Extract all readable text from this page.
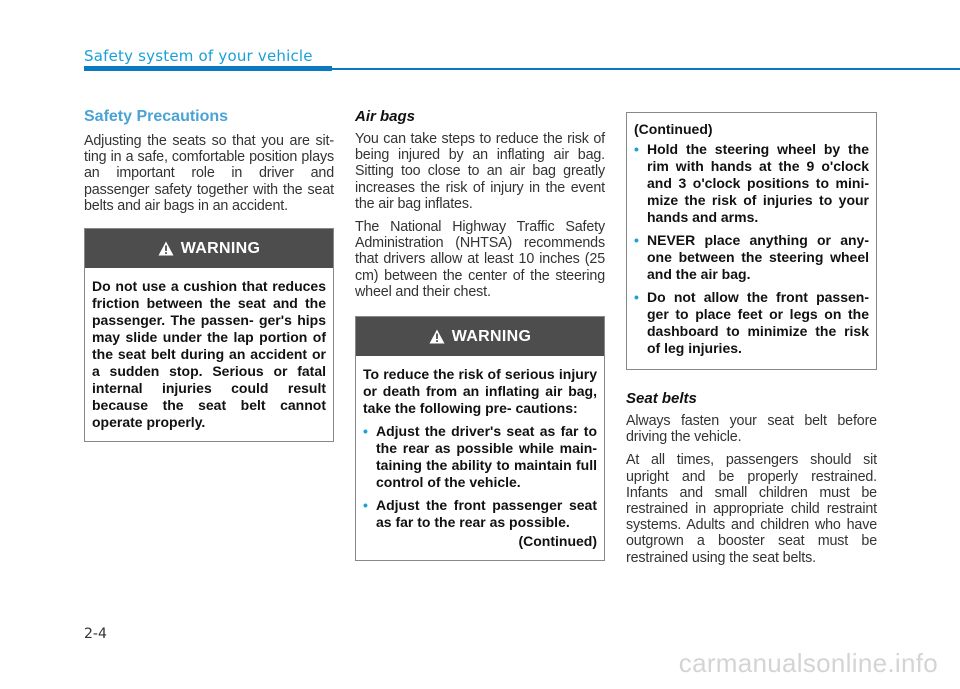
Safety system of your vehicle
Safety Precautions

Adjusting the seats so that you are sit- ting in a safe, comfortable position plays an important role in driver and passenger safety together with the seat belts and air bags in an accident.

WARNING

Do not use a cushion that reduces friction between the seat and the passenger. The passen- ger's hips may slide under the lap portion of the seat belt during an accident or a sudden stop. Serious or fatal internal injuries could result because the seat belt cannot operate properly.

Air bags

You can take steps to reduce the risk of being injured by an inflating air bag. Sitting too close to an air bag greatly increases the risk of injury in the event the air bag inflates.

The National Highway Traffic Safety Administration (NHTSA) recommends that drivers allow at least 10 inches (25 cm) between the center of the steering wheel and their chest.

WARNING

To reduce the risk of serious injury or death from an inflating air bag, take the following pre- cautions:

• Adjust the driver's seat as far to the rear as possible while main- taining the ability to maintain full control of the vehicle.
• Adjust the front passenger seat as far to the rear as possible.

(Continued)

(Continued)

• Hold the steering wheel by the rim with hands at the 9 o'clock and 3 o'clock positions to mini- mize the risk of injuries to your hands and arms.
• NEVER place anything or any- one between the steering wheel and the air bag.
• Do not allow the front passen- ger to place feet or legs on the dashboard to minimize the risk of leg injuries.
Seat belts

Always fasten your seat belt before driving the vehicle.

At all times, passengers should sit upright and be properly restrained. Infants and small children must be restrained in appropriate child restraint systems. Adults and children who have outgrown a booster seat must be restrained using the seat belts.

2-4
carmanualsonline.info
